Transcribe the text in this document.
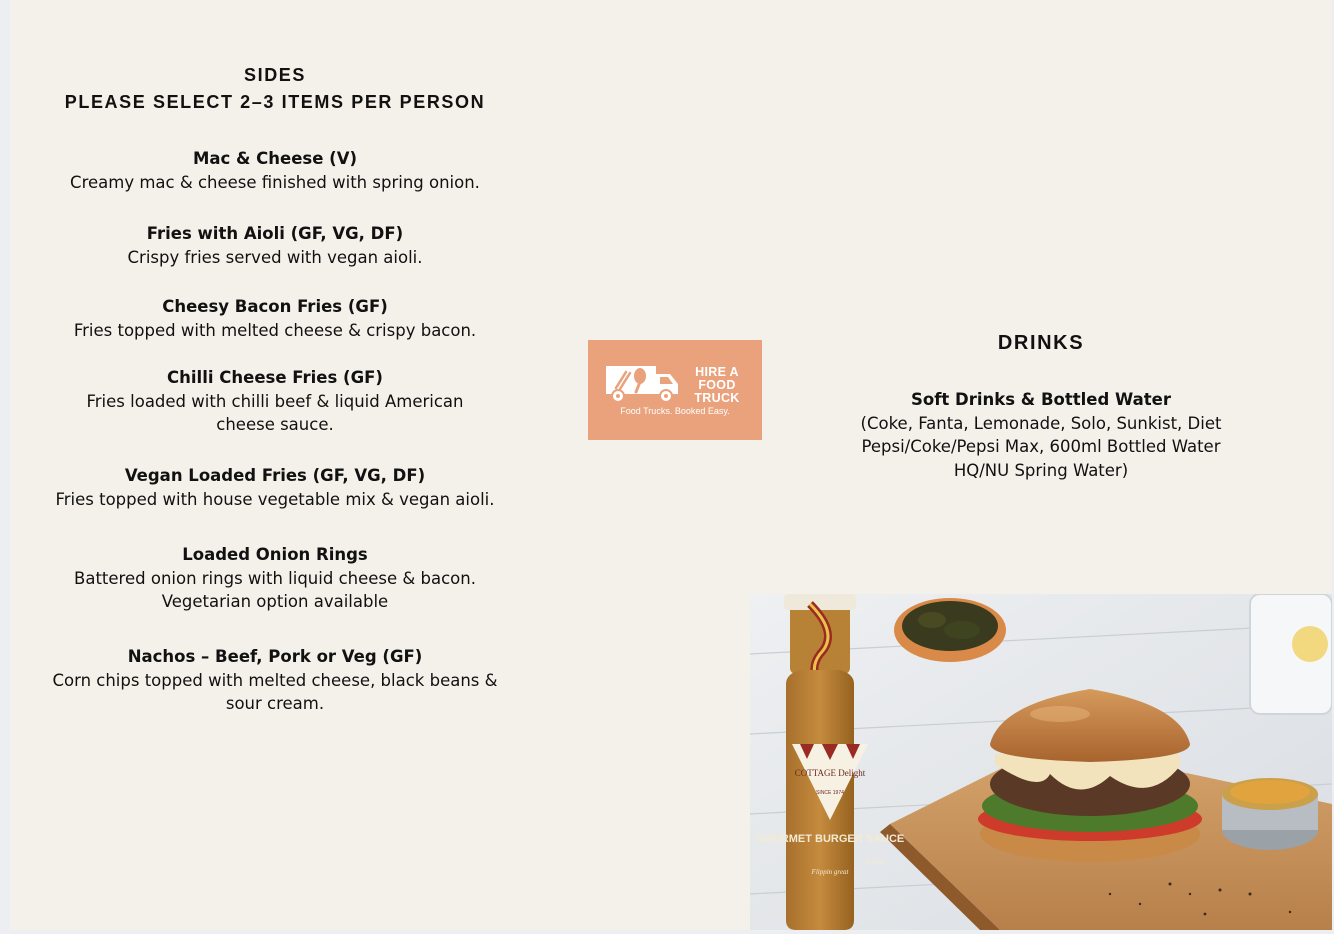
SIDES
PLEASE SELECT 2–3 ITEMS PER PERSON
Mac & Cheese (V)
Creamy mac & cheese finished with spring onion.
Fries with Aioli (GF, VG, DF)
Crispy fries served with vegan aioli.
Cheesy Bacon Fries (GF)
Fries topped with melted cheese & crispy bacon.
Chilli Cheese Fries (GF)
Fries loaded with chilli beef & liquid American cheese sauce.
Vegan Loaded Fries (GF, VG, DF)
Fries topped with house vegetable mix & vegan aioli.
Loaded Onion Rings
Battered onion rings with liquid cheese & bacon. Vegetarian option available
Nachos – Beef, Pork or Veg (GF)
Corn chips topped with melted cheese, black beans & sour cream.
HIRE A FOOD TRUCK
Food Trucks. Booked Easy.
DRINKS
Soft Drinks & Bottled Water
(Coke, Fanta, Lemonade, Solo, Sunkist, Diet Pepsi/Coke/Pepsi Max, 600ml Bottled Water HQ/NU Spring Water)
COTTAGE Delight
SINCE 1974
GOURMET BURGER SAUCE
Flippin great
220ml
